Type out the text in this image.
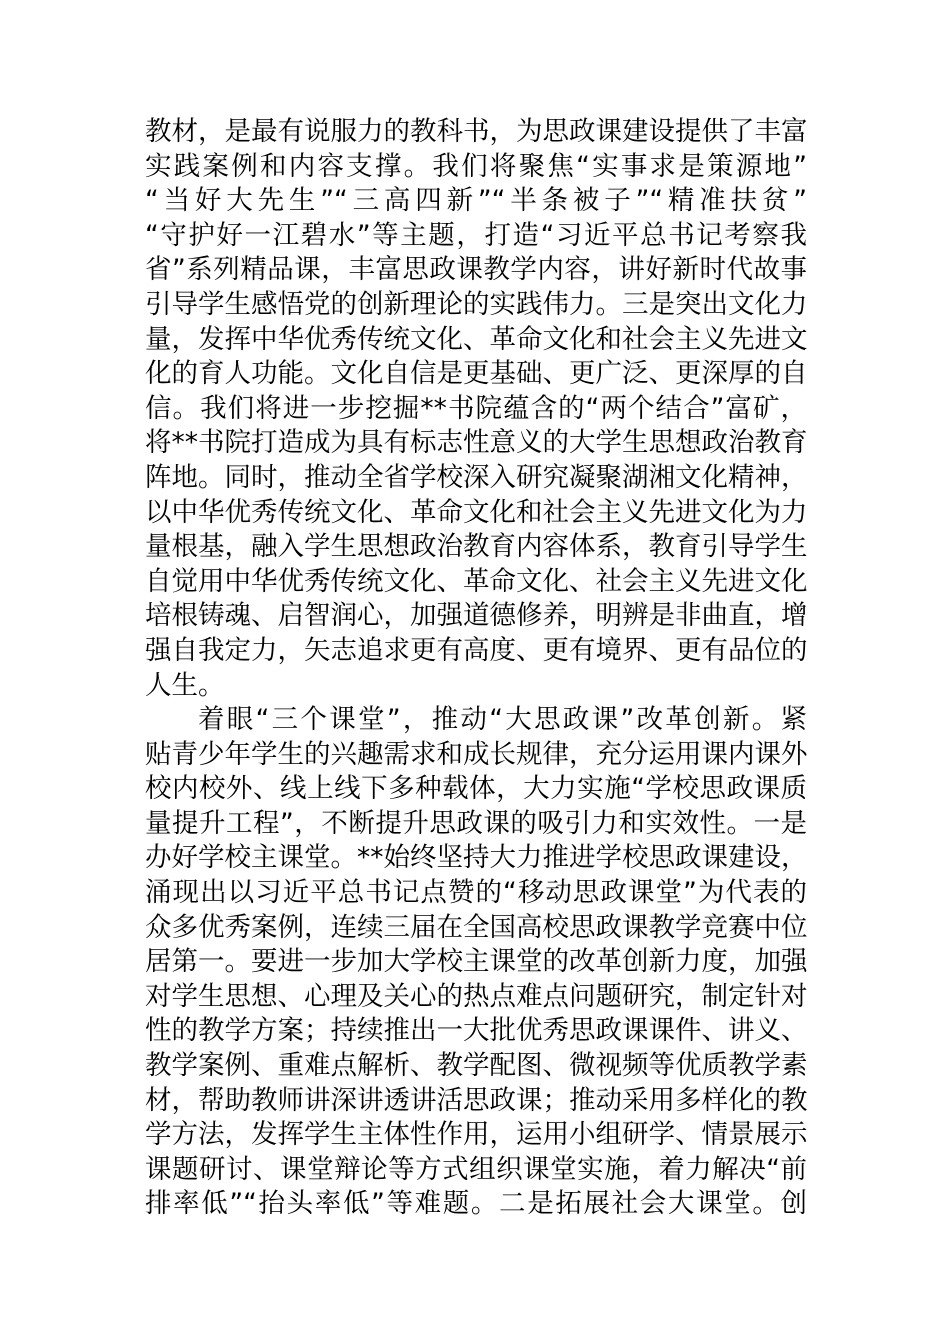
教材，是最有说服力的教科书，为思政课建设提供了丰富
实践案例和内容支撑。我们将聚焦“实事求是策源地”
“当好大先生”“三高四新”“半条被子”“精准扶贫”
“守护好一江碧水”等主题，打造“习近平总书记考察我
省”系列精品课，丰富思政课教学内容，讲好新时代故事
引导学生感悟党的创新理论的实践伟力。三是突出文化力
量，发挥中华优秀传统文化、革命文化和社会主义先进文
化的育人功能。文化自信是更基础、更广泛、更深厚的自
信。我们将进一步挖掘**书院蕴含的“两个结合”富矿，
将**书院打造成为具有标志性意义的大学生思想政治教育
阵地。同时，推动全省学校深入研究凝聚湖湘文化精神，
以中华优秀传统文化、革命文化和社会主义先进文化为力
量根基，融入学生思想政治教育内容体系，教育引导学生
自觉用中华优秀传统文化、革命文化、社会主义先进文化
培根铸魂、启智润心，加强道德修养，明辨是非曲直，增
强自我定力，矢志追求更有高度、更有境界、更有品位的
人生。
着眼“三个课堂”，推动“大思政课”改革创新。紧
贴青少年学生的兴趣需求和成长规律，充分运用课内课外
校内校外、线上线下多种载体，大力实施“学校思政课质
量提升工程”，不断提升思政课的吸引力和实效性。一是
办好学校主课堂。**始终坚持大力推进学校思政课建设，
涌现出以习近平总书记点赞的“移动思政课堂”为代表的
众多优秀案例，连续三届在全国高校思政课教学竞赛中位
居第一。要进一步加大学校主课堂的改革创新力度，加强
对学生思想、心理及关心的热点难点问题研究，制定针对
性的教学方案；持续推出一大批优秀思政课课件、讲义、
教学案例、重难点解析、教学配图、微视频等优质教学素
材，帮助教师讲深讲透讲活思政课；推动采用多样化的教
学方法，发挥学生主体性作用，运用小组研学、情景展示
课题研讨、课堂辩论等方式组织课堂实施，着力解决“前
排率低”“抬头率低”等难题。二是拓展社会大课堂。创
